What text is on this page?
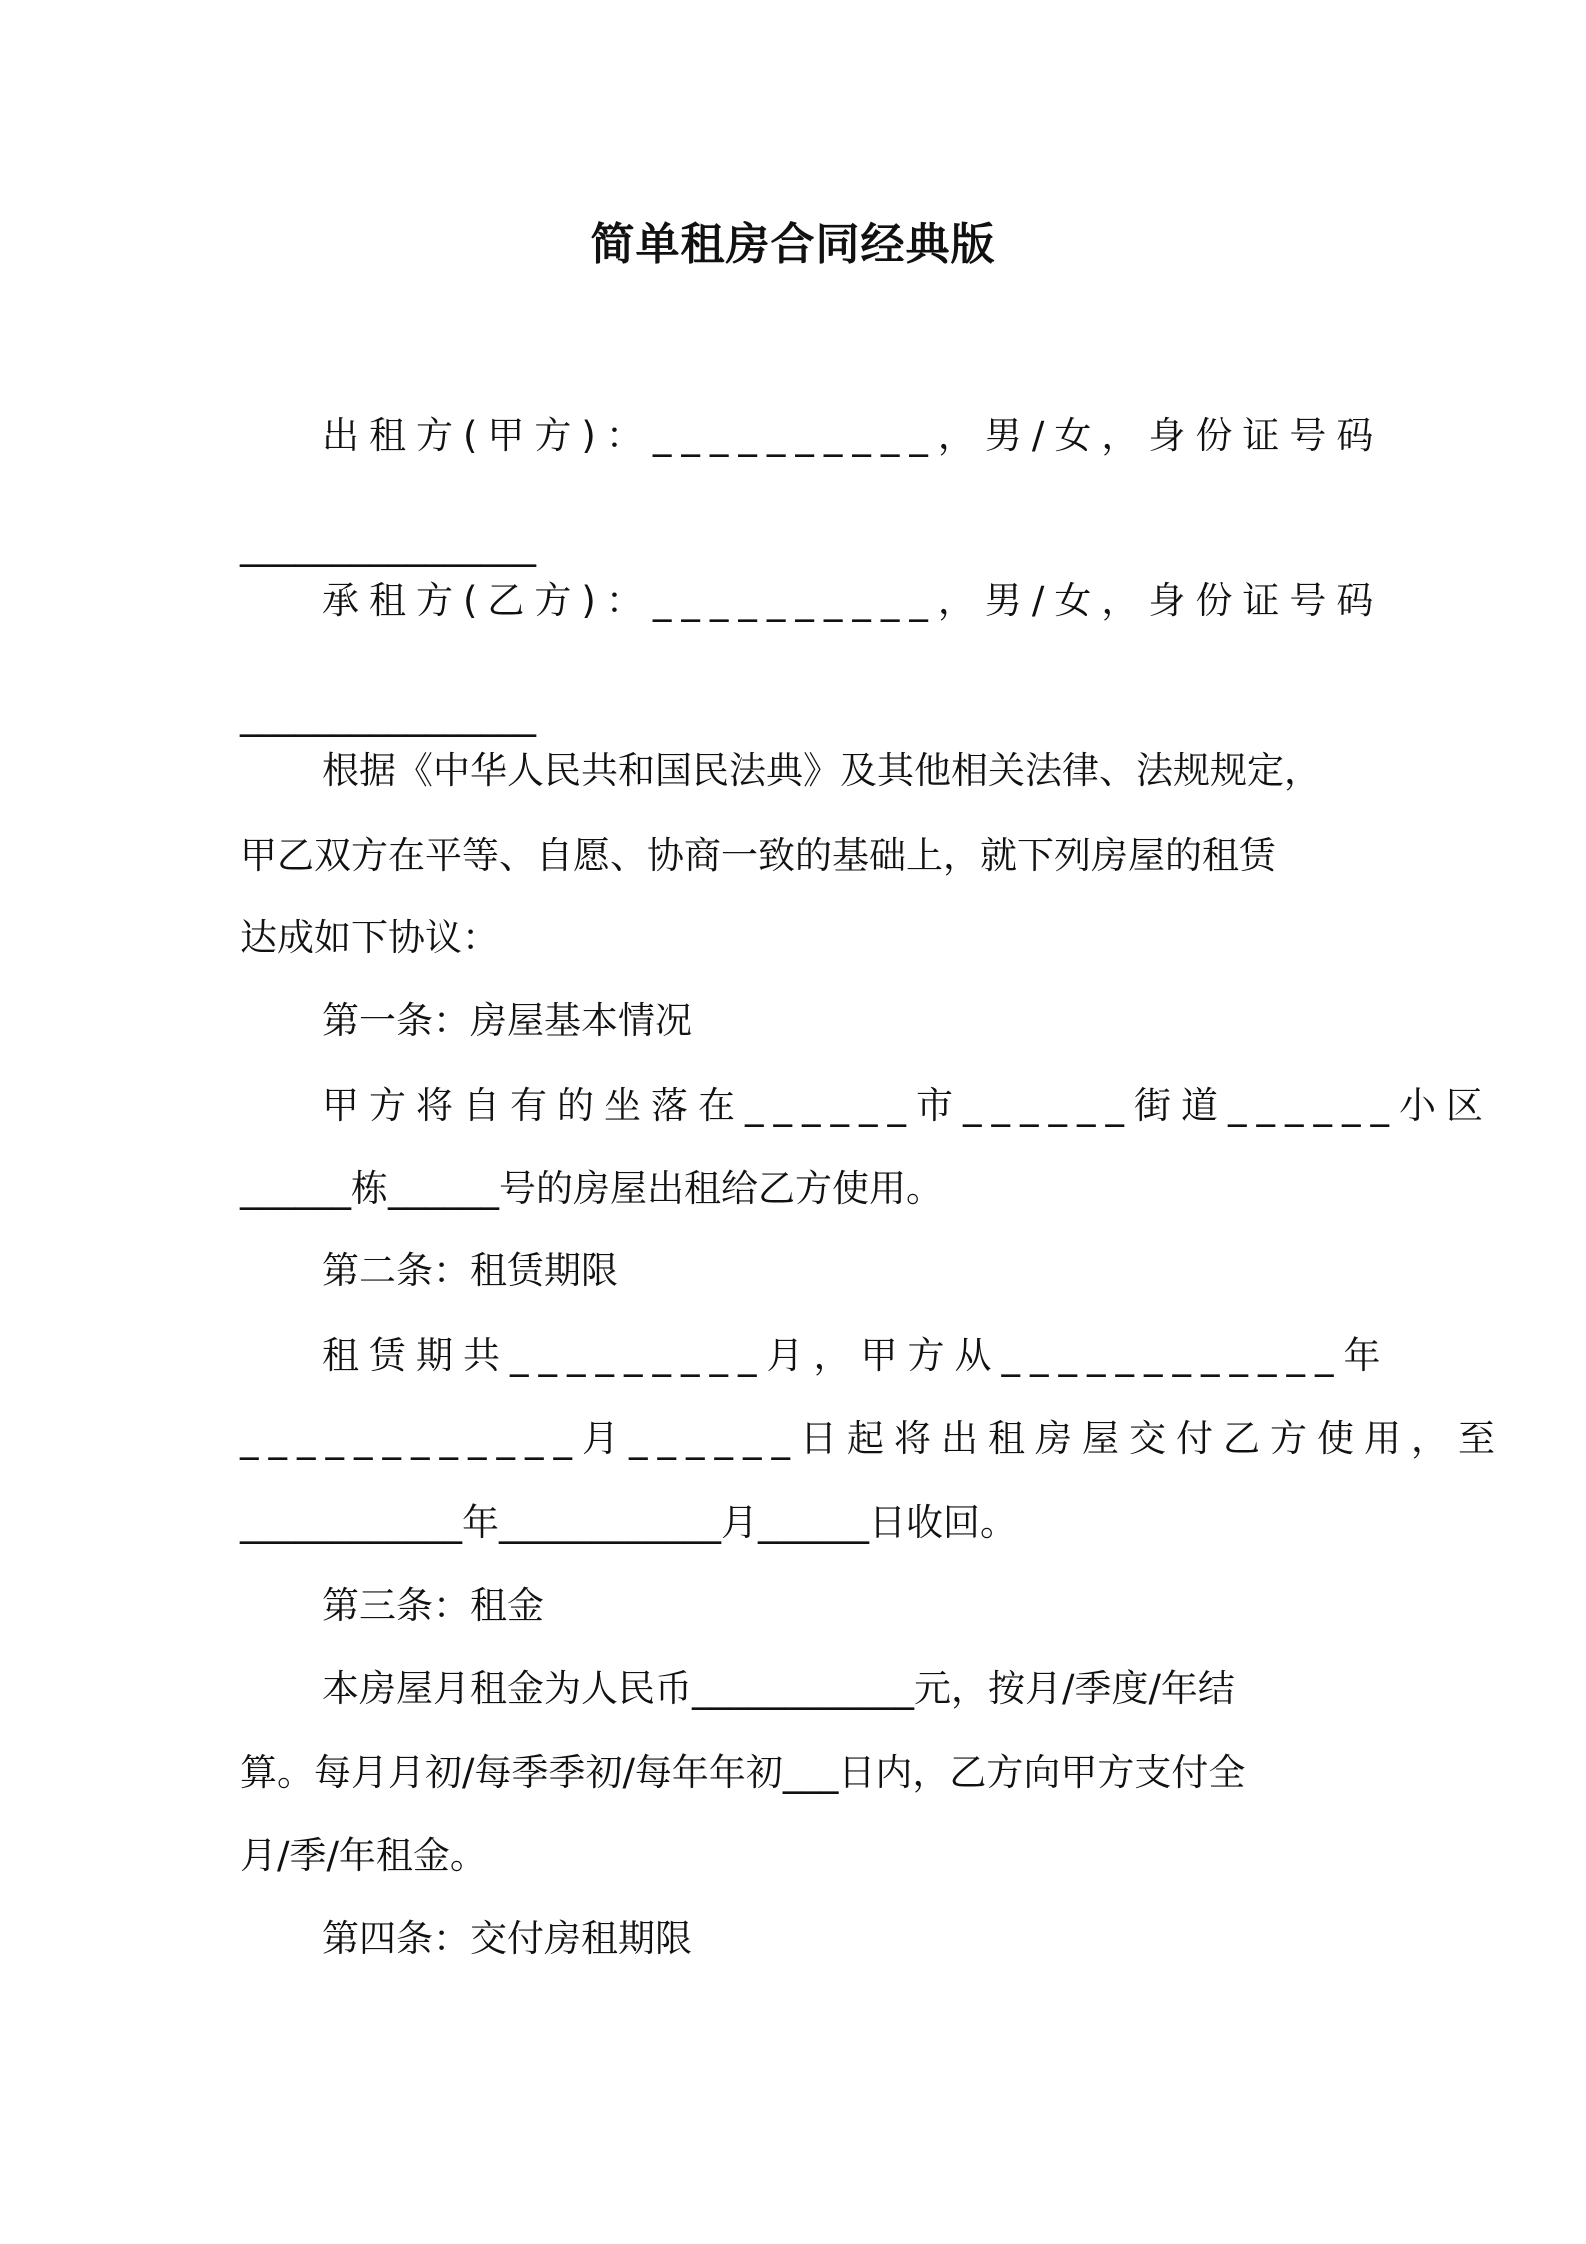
简单租房合同经典版
出租方(甲方)：__________，男/女，身份证号码
________________
承租方(乙方)：__________，男/女，身份证号码
________________
根据《中华人民共和国民法典》及其他相关法律、法规规定，
甲乙双方在平等、自愿、协商一致的基础上，就下列房屋的租赁
达成如下协议：
第一条：房屋基本情况
甲方将自有的坐落在______市______街道______小区
______栋______号的房屋出租给乙方使用。
第二条：租赁期限
租赁期共_________月，甲方从____________年
____________月______日起将出租房屋交付乙方使用，至
____________年____________月______日收回。
第三条：租金
本房屋月租金为人民币____________元，按月/季度/年结
算。每月月初/每季季初/每年年初___日内，乙方向甲方支付全
月/季/年租金。
第四条：交付房租期限
